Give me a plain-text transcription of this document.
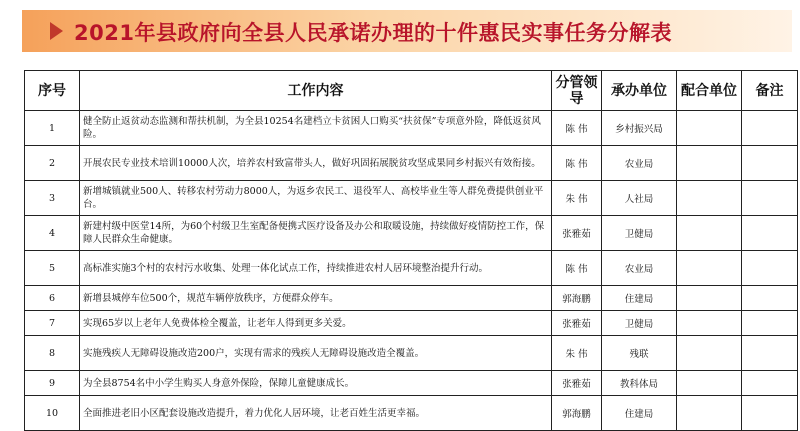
2021年县政府向全县人民承诺办理的十件惠民实事任务分解表
序号	工作内容	分管领导	承办单位	配合单位	备注
1	健全防止返贫动态监测和帮扶机制，为全县10254名建档立卡贫困人口购买“扶贫保”专项意外险，降低返贫风险。	陈 伟	乡村振兴局		
2	开展农民专业技术培训10000人次，培养农村致富带头人，做好巩固拓展脱贫攻坚成果同乡村振兴有效衔接。	陈 伟	农业局		
3	新增城镇就业500人、转移农村劳动力8000人，为返乡农民工、退役军人、高校毕业生等人群免费提供创业平台。	朱 伟	人社局		
4	新建村级中医堂14所，为60个村级卫生室配备便携式医疗设备及办公和取暖设施，持续做好疫情防控工作，保障人民群众生命健康。	张雅茹	卫健局		
5	高标准实施3个村的农村污水收集、处理一体化试点工作，持续推进农村人居环境整治提升行动。	陈 伟	农业局		
6	新增县城停车位500个，规范车辆停放秩序，方便群众停车。	郭海鹏	住建局		
7	实现65岁以上老年人免费体检全覆盖，让老年人得到更多关爱。	张雅茹	卫健局		
8	实施残疾人无障碍设施改造200户，实现有需求的残疾人无障碍设施改造全覆盖。	朱 伟	残联		
9	为全县8754名中小学生购买人身意外保险，保障儿童健康成长。	张雅茹	教科体局		
10	全面推进老旧小区配套设施改造提升，着力优化人居环境，让老百姓生活更幸福。	郭海鹏	住建局		
